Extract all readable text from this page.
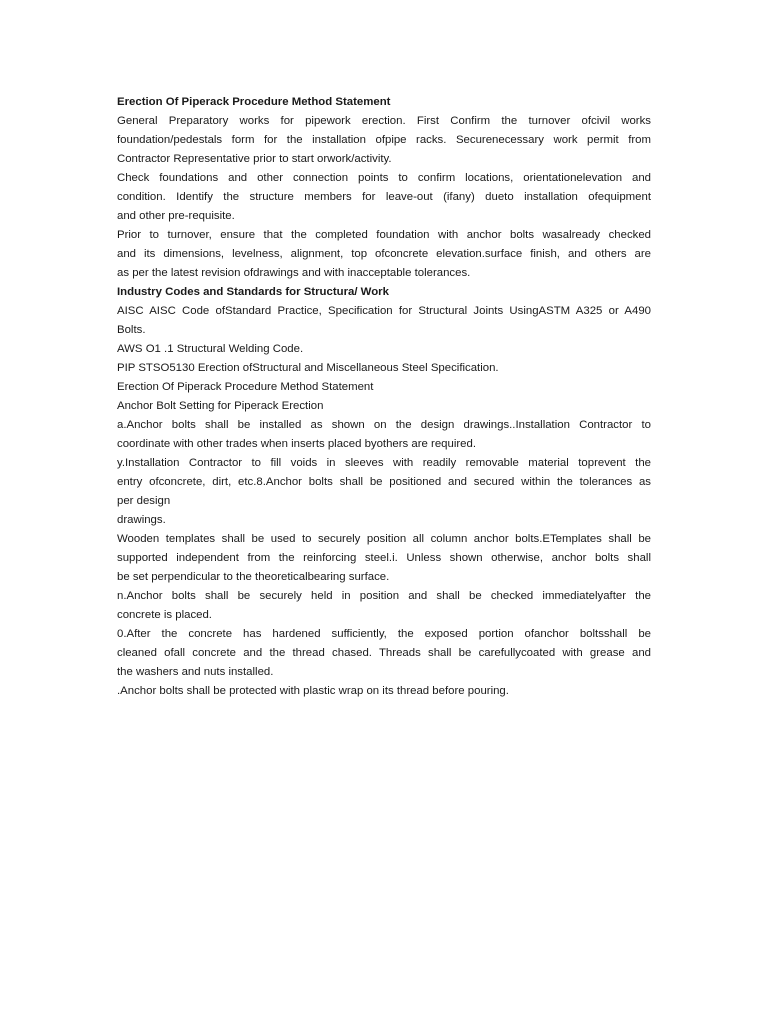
Erection Of Piperack Procedure Method Statement
General Preparatory works for pipework erection. First Confirm the turnover ofcivil works
foundation/pedestals form for the installation ofpipe racks. Securenecessary work permit from
Contractor Representative prior to start orwork/activity.
Check foundations and other connection points to confirm locations, orientationelevation and
condition. Identify the structure members for leave-out (ifany) dueto installation ofequipment
and other pre-requisite.
Prior to turnover, ensure that the completed foundation with anchor bolts wasalready checked
and its dimensions, levelness, alignment, top ofconcrete elevation.surface finish, and others are
as per the latest revision ofdrawings and with inacceptable tolerances.
Industry Codes and Standards for Structura/ Work
AISC AISC Code ofStandard Practice, Specification for Structural Joints UsingASTM A325 or A490
Bolts.
AWS O1 .1 Structural Welding Code.
PIP STSO5130 Erection ofStructural and Miscellaneous Steel Specification.
Erection Of Piperack Procedure Method Statement
Anchor Bolt Setting for Piperack Erection
a.Anchor bolts shall be installed as shown on the design drawings..Installation Contractor to
coordinate with other trades when inserts placed byothers are required.
y.Installation Contractor to fill voids in sleeves with readily removable material toprevent the
entry ofconcrete, dirt, etc.8.Anchor bolts shall be positioned and secured within the tolerances as
per design
drawings.
Wooden templates shall be used to securely position all column anchor bolts.ETemplates shall be
supported independent from the reinforcing steel.i. Unless shown otherwise, anchor bolts shall
be set perpendicular to the theoreticalbearing surface.
n.Anchor bolts shall be securely held in position and shall be checked immediatelyafter the
concrete is placed.
0.After the concrete has hardened sufficiently, the exposed portion ofanchor boltsshall be
cleaned ofall concrete and the thread chased. Threads shall be carefullycoated with grease and
the washers and nuts installed.
.Anchor bolts shall be protected with plastic wrap on its thread before pouring.
